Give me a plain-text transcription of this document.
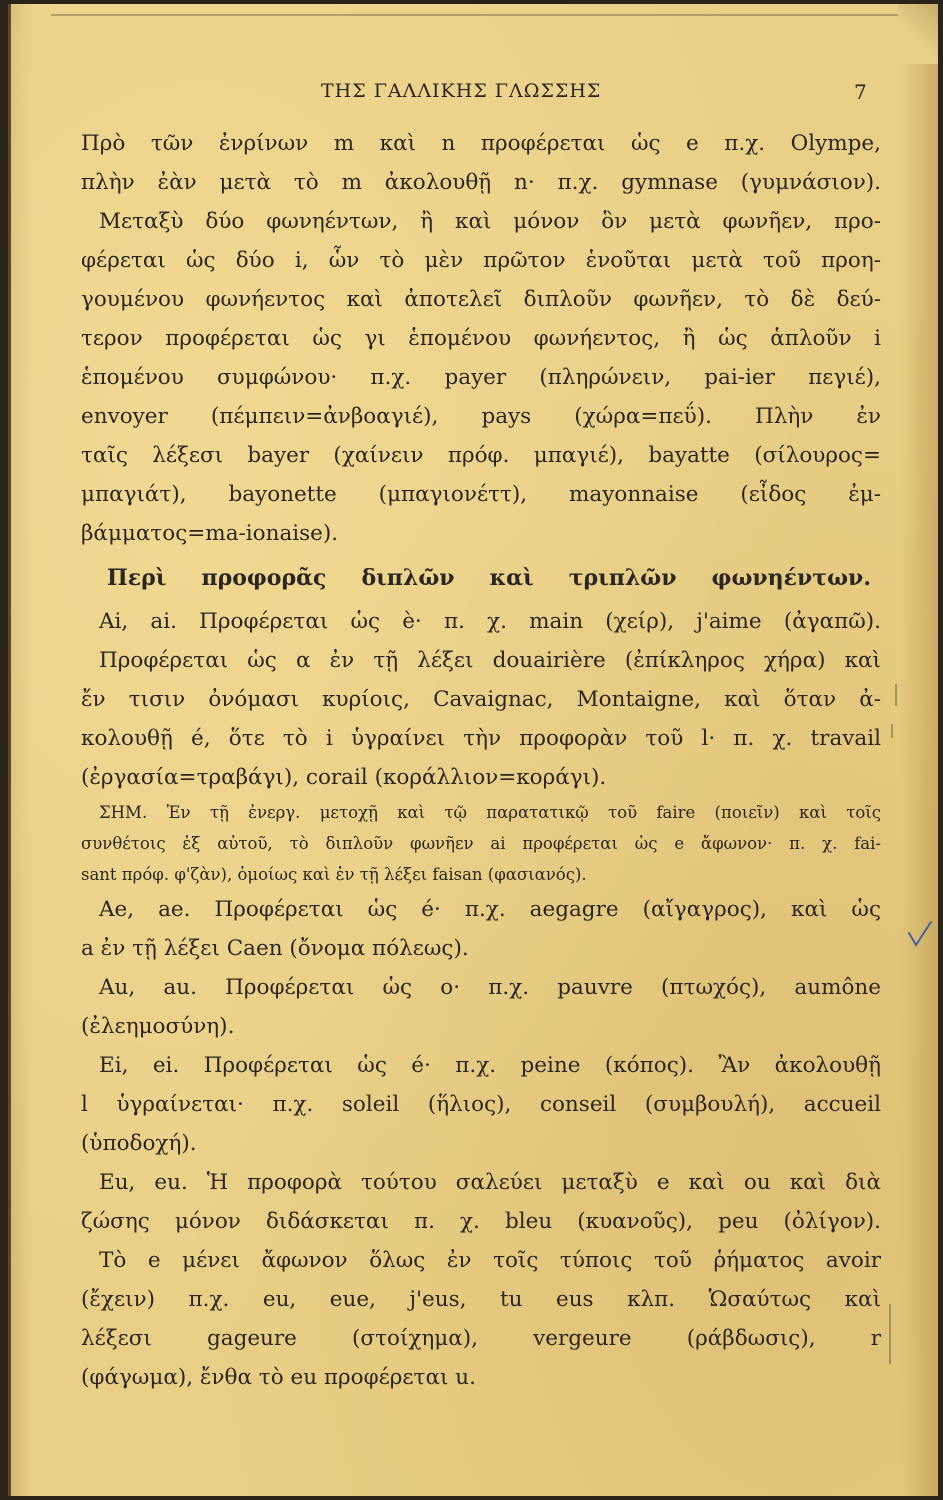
ΤΗΣ ΓΑΛΛΙΚΗΣ ΓΛΩΣΣΗΣ	7
Πρὸ τῶν ἐνρίνων m καὶ n προφέρεται ὡς e π.χ. Olympe,
πλὴν ἐὰν μετὰ τὸ m ἀκολουθῇ n· π.χ. gymnase (γυμνάσιον).
Μεταξὺ δύο φωνηέντων, ἢ καὶ μόνον ὃν μετὰ φωνῆεν, προ-
φέρεται ὡς δύο i, ὧν τὸ μὲν πρῶτον ἑνοῦται μετὰ τοῦ προη-
γουμένου φωνήεντος καὶ ἀποτελεῖ διπλοῦν φωνῆεν, τὸ δὲ δεύ-
τερον προφέρεται ὡς γι ἑπομένου φωνήεντος, ἢ ὡς ἁπλοῦν i
ἑπομένου συμφώνου· π.χ. payer (πληρώνειν, pai-ier πεγιέ),
envoyer (πέμπειν=ἀνβοαγιέ), pays (χώρα=πεΰ). Πλὴν ἐν
ταῖς λέξεσι bayer (χαίνειν πρόφ. μπαγιέ), bayatte (σίλουρος=
μπαγιάτ), bayonette (μπαγιονέττ), mayonnaise (εἶδος ἐμ-
βάμματος=ma-ionaise).
Περὶ προφορᾶς διπλῶν καὶ τριπλῶν φωνηέντων.
Ai, ai. Προφέρεται ὡς è· π. χ. main (χείρ), j'aime (ἀγαπῶ).
Προφέρεται ὡς α ἐν τῇ λέξει douairière (ἐπίκληρος χήρα) καὶ
ἔν τισιν ὀνόμασι κυρίοις, Cavaignac, Montaigne, καὶ ὅταν ἀ-
κολουθῇ é, ὅτε τὸ i ὑγραίνει τὴν προφορὰν τοῦ l· π. χ. travail
(ἐργασία=τραβάγι), corail (κοράλλιον=κοράγι).
ΣΗΜ. Ἐν τῇ ἐνεργ. μετοχῇ καὶ τῷ παρατατικῷ τοῦ faire (ποιεῖν) καὶ τοῖς
συνθέτοις ἐξ αὐτοῦ, τὸ διπλοῦν φωνῆεν ai προφέρεται ὡς e ἄφωνον· π. χ. fai-
sant πρόφ. φ'ζὰν), ὁμοίως καὶ ἐν τῇ λέξει faisan (φασιανός).
Ae, ae. Προφέρεται ὡς é· π.χ. aegagre (αἴγαγρος), καὶ ὡς
a ἐν τῇ λέξει Caen (ὄνομα πόλεως).
Au, au. Προφέρεται ὡς o· π.χ. pauvre (πτωχός), aumône
(ἐλεημοσύνη).
Ei, ei. Προφέρεται ὡς é· π.χ. peine (κόπος). Ἂν ἀκολουθῇ
l ὑγραίνεται· π.χ. soleil (ἥλιος), conseil (συμβουλή), accueil
(ὑποδοχή).
Eu, eu. Ἡ προφορὰ τούτου σαλεύει μεταξὺ e καὶ ou καὶ διὰ
ζώσης μόνον διδάσκεται π. χ. bleu (κυανοῦς), peu (ὀλίγον).
Τὸ e μένει ἄφωνον ὅλως ἐν τοῖς τύποις τοῦ ῥήματος avoir
(ἔχειν) π.χ. eu, eue, j'eus, tu eus κλπ. Ὡσαύτως καὶ
λέξεσι gageure (στοίχημα), vergeure (ράβδωσις), r
(φάγωμα), ἔνθα τὸ eu προφέρεται u.
